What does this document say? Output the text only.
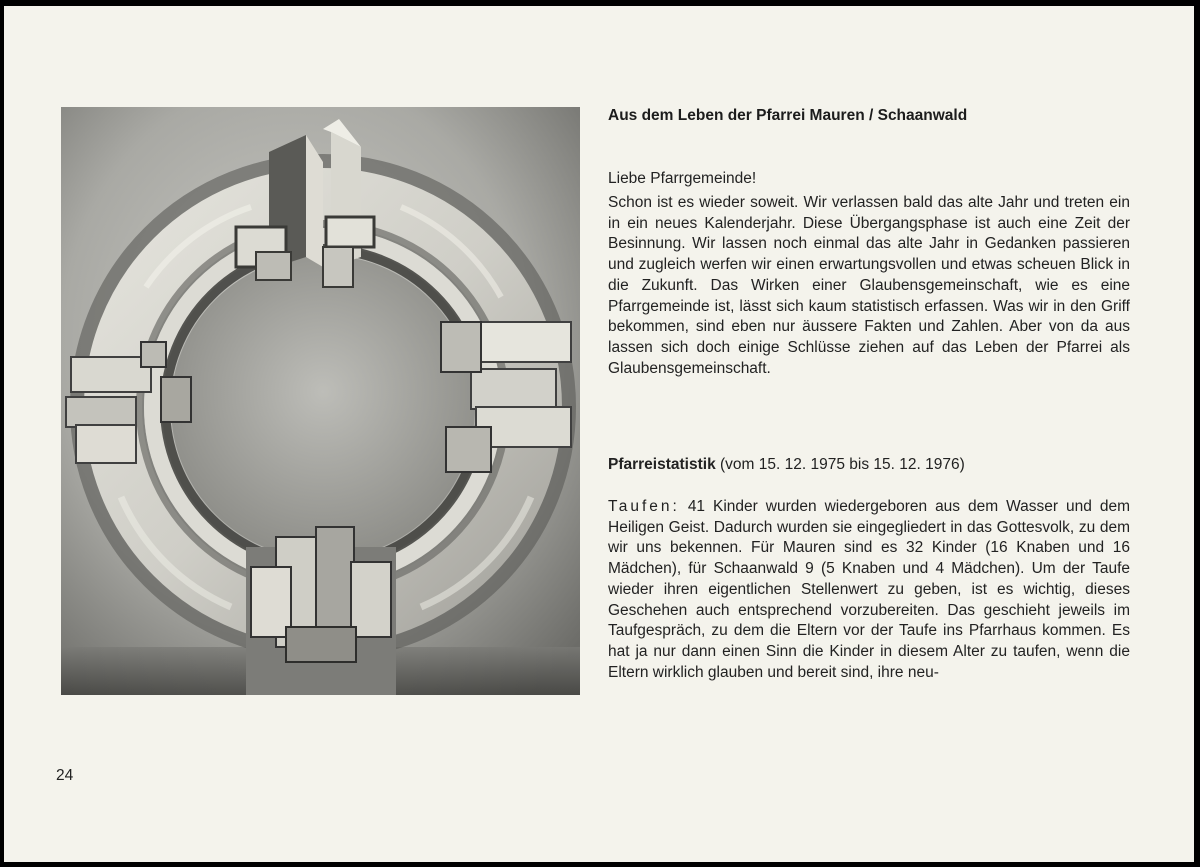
Aus dem Leben der Pfarrei Mauren / Schaanwald
Liebe Pfarrgemeinde!

Schon ist es wieder soweit. Wir verlassen bald das alte Jahr und treten ein in ein neues Kalenderjahr. Diese Übergangsphase ist auch eine Zeit der Besinnung. Wir lassen noch einmal das alte Jahr in Gedanken passieren und zugleich werfen wir einen erwartungsvollen und etwas scheuen Blick in die Zukunft. Das Wirken einer Glaubensgemeinschaft, wie es eine Pfarrgemeinde ist, lässt sich kaum statistisch erfassen. Was wir in den Griff bekommen, sind eben nur äussere Fakten und Zahlen. Aber von da aus lassen sich doch einige Schlüsse ziehen auf das Leben der Pfarrei als Glaubensgemeinschaft.

Pfarreistatistik (vom 15. 12. 1975 bis 15. 12. 1976)

Taufen: 41 Kinder wurden wiedergeboren aus dem Wasser und dem Heiligen Geist. Dadurch wurden sie eingegliedert in das Gottesvolk, zu dem wir uns bekennen. Für Mauren sind es 32 Kinder (16 Knaben und 16 Mädchen), für Schaanwald 9 (5 Knaben und 4 Mädchen). Um der Taufe wieder ihren eigentlichen Stellenwert zu geben, ist es wichtig, dieses Geschehen auch entsprechend vorzubereiten. Das geschieht jeweils im Taufgespräch, zu dem die Eltern vor der Taufe ins Pfarrhaus kommen. Es hat ja nur dann einen Sinn die Kinder in diesem Alter zu taufen, wenn die Eltern wirklich glauben und bereit sind, ihre neu-

24
